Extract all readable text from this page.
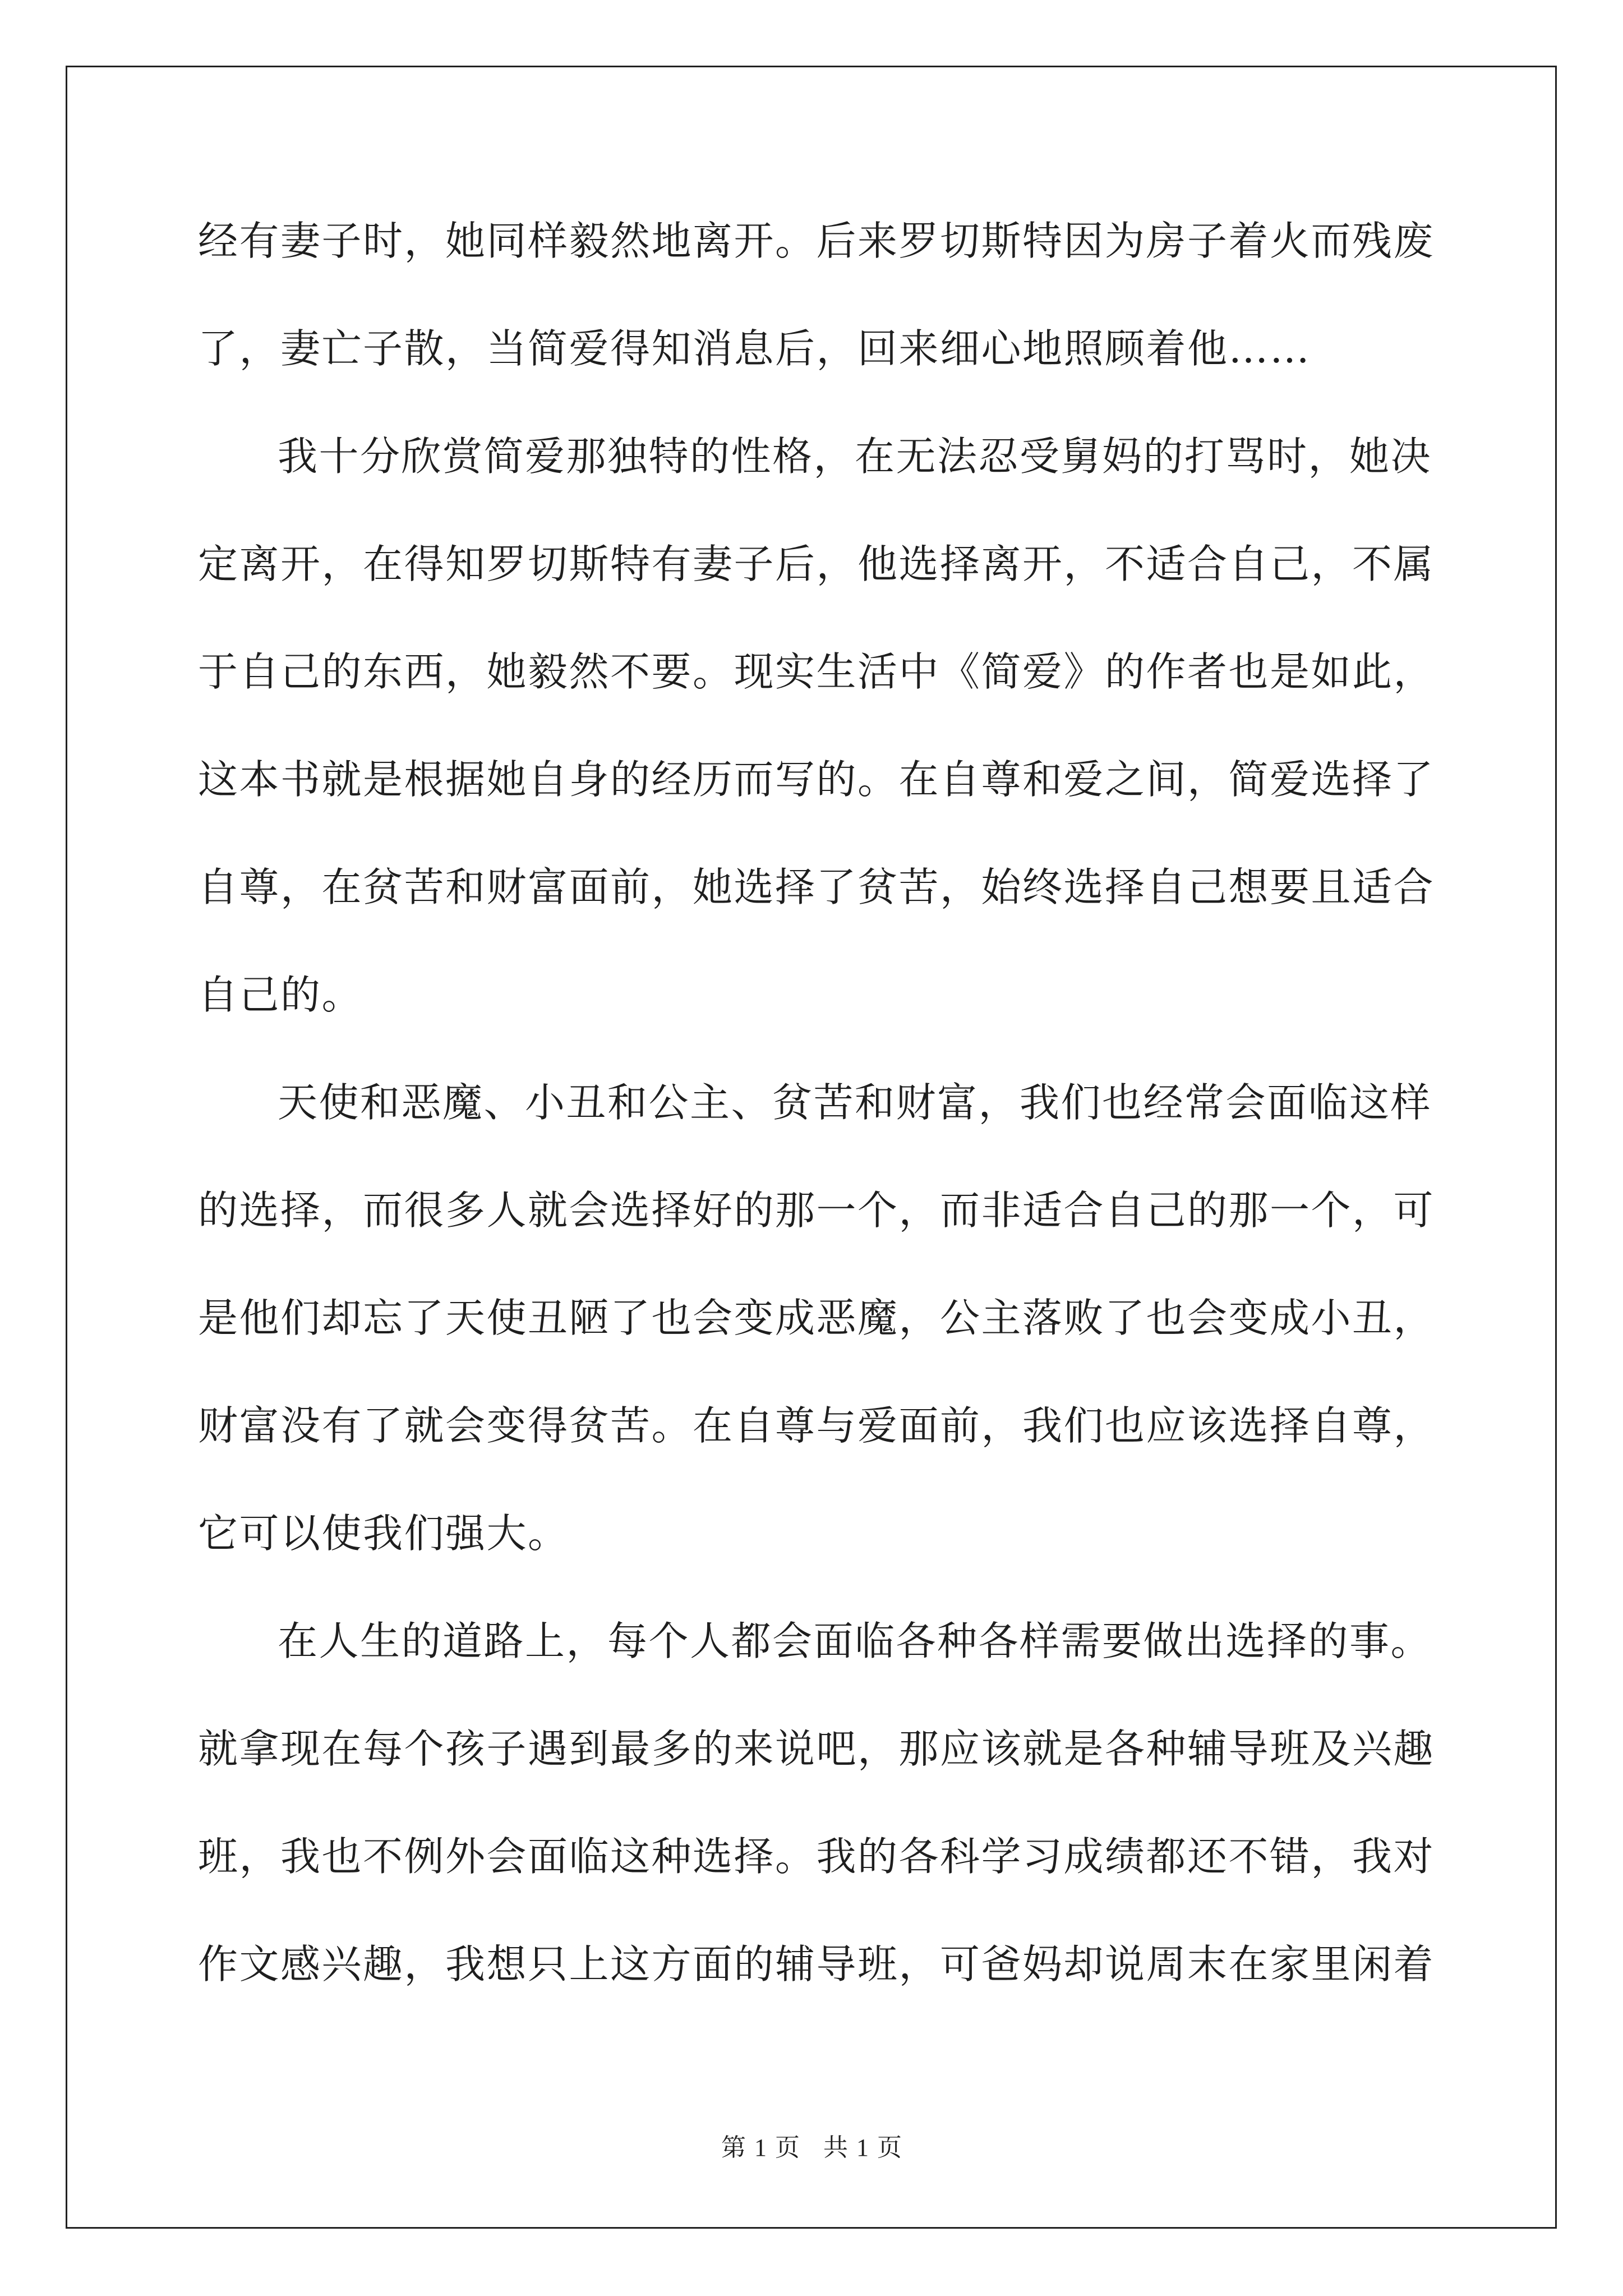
经有妻子时，她同样毅然地离开。后来罗切斯特因为房子着火而残废
了，妻亡子散，当简爱得知消息后，回来细心地照顾着他……
我十分欣赏简爱那独特的性格，在无法忍受舅妈的打骂时，她决
定离开，在得知罗切斯特有妻子后，他选择离开，不适合自己，不属
于自己的东西，她毅然不要。现实生活中《简爱》的作者也是如此，
这本书就是根据她自身的经历而写的。在自尊和爱之间，简爱选择了
自尊，在贫苦和财富面前，她选择了贫苦，始终选择自己想要且适合
自己的。
天使和恶魔、小丑和公主、贫苦和财富，我们也经常会面临这样
的选择，而很多人就会选择好的那一个，而非适合自己的那一个，可
是他们却忘了天使丑陋了也会变成恶魔，公主落败了也会变成小丑，
财富没有了就会变得贫苦。在自尊与爱面前，我们也应该选择自尊，
它可以使我们强大。
在人生的道路上，每个人都会面临各种各样需要做出选择的事。
就拿现在每个孩子遇到最多的来说吧，那应该就是各种辅导班及兴趣
班，我也不例外会面临这种选择。我的各科学习成绩都还不错，我对
作文感兴趣，我想只上这方面的辅导班，可爸妈却说周末在家里闲着
第 1 页 共 1 页
